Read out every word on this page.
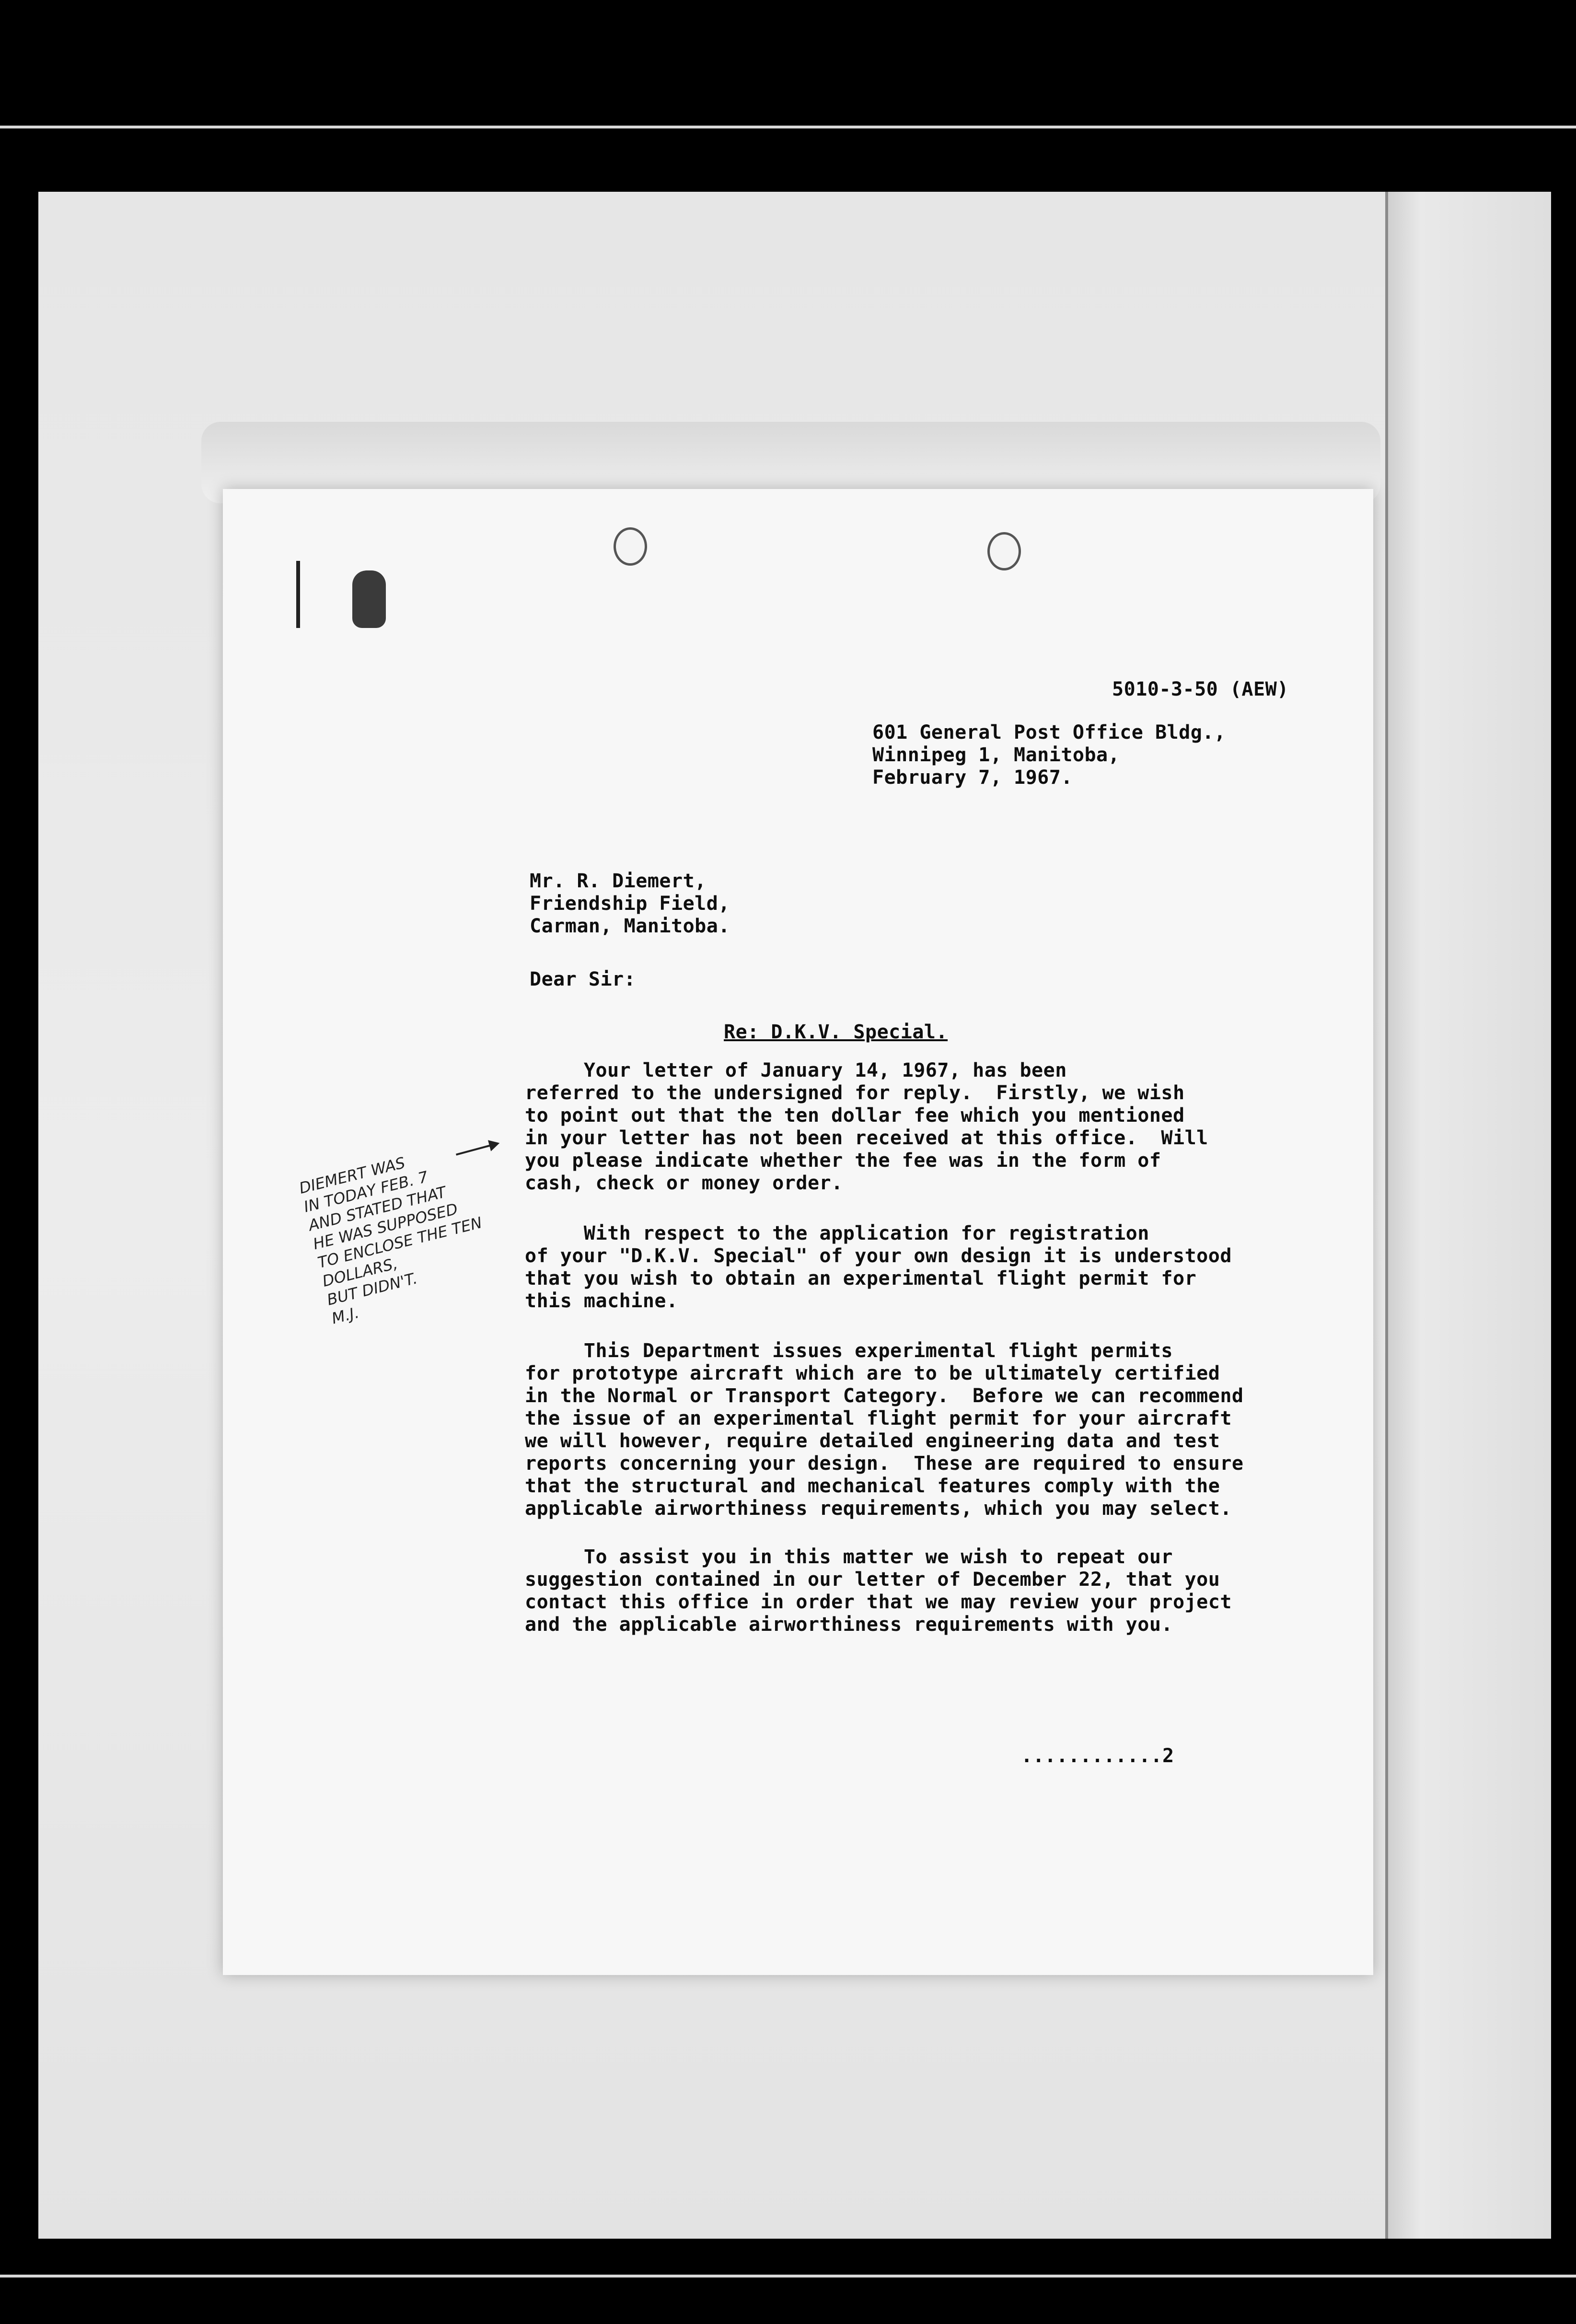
5010-3-50 (AEW)

601 General Post Office Bldg.,

Winnipeg 1, Manitoba,

February 7, 1967.

Mr. R. Diemert,

Friendship Field,

Carman, Manitoba.

Dear Sir:

Re: D.K.V. Special.

Your letter of January 14, 1967, has been

referred to the undersigned for reply.  Firstly, we wish

to point out that the ten dollar fee which you mentioned

in your letter has not been received at this office.  Will

you please indicate whether the fee was in the form of

cash, check or money order.

With respect to the application for registration

of your "D.K.V. Special" of your own design it is understood

that you wish to obtain an experimental flight permit for

this machine.

This Department issues experimental flight permits

for prototype aircraft which are to be ultimately certified

in the Normal or Transport Category.  Before we can recommend

the issue of an experimental flight permit for your aircraft

we will however, require detailed engineering data and test

reports concerning your design.  These are required to ensure

that the structural and mechanical features comply with the

applicable airworthiness requirements, which you may select.

To assist you in this matter we wish to repeat our

suggestion contained in our letter of December 22, that you

contact this office in order that we may review your project

and the applicable airworthiness requirements with you.

............2

DIEMERT WAS
IN TODAY FEB. 7
AND STATED THAT
HE WAS SUPPOSED
TO ENCLOSE THE TEN
DOLLARS,
BUT DIDN'T.
M.J.
